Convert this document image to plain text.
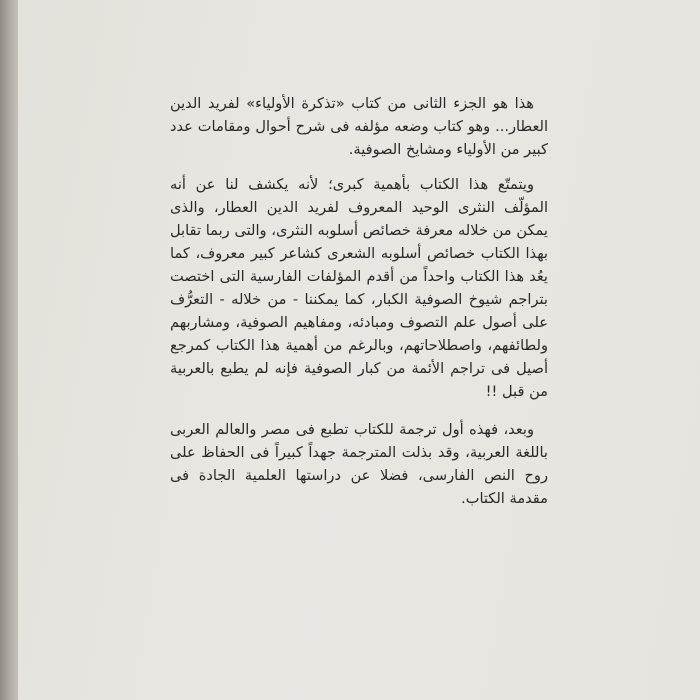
هذا هو الجزء الثانى من كتاب «تذكرة الأولياء» لفريد الدين العطار... وهو كتاب وضعه مؤلفه فى شرح أحوال ومقامات عدد كبير من الأولياء ومشايخ الصوفية.

ويتمتّع هذا الكتاب بأهمية كبرى؛ لأنه يكشف لنا عن أنه المؤلّف النثرى الوحيد المعروف لفريد الدين العطار، والذى يمكن من خلاله معرفة خصائص أسلوبه النثرى، والتى ربما تقابل بهذا الكتاب خصائص أسلوبه الشعرى كشاعر كبير معروف، كما يعُد هذا الكتاب واحداً من أقدم المؤلفات الفارسية التى اختصت بتراجم شيوخ الصوفية الكبار، كما يمكننا - من خلاله - التعرُّف على أصول علم التصوف ومبادئه، ومفاهيم الصوفية، ومشاربهم ولطائفهم، واصطلاحاتهم، وبالرغم من أهمية هذا الكتاب كمرجع أصيل فى تراجم الأئمة من كبار الصوفية فإنه لم يطبع بالعربية من قبل !!

وبعد، فهذه أول ترجمة للكتاب تطبع فى مصر والعالم العربى باللغة العربية، وقد بذلت المترجمة جهداً كبيراً فى الحفاظ على روح النص الفارسى، فضلا عن دراستها العلمية الجادة فى مقدمة الكتاب.
